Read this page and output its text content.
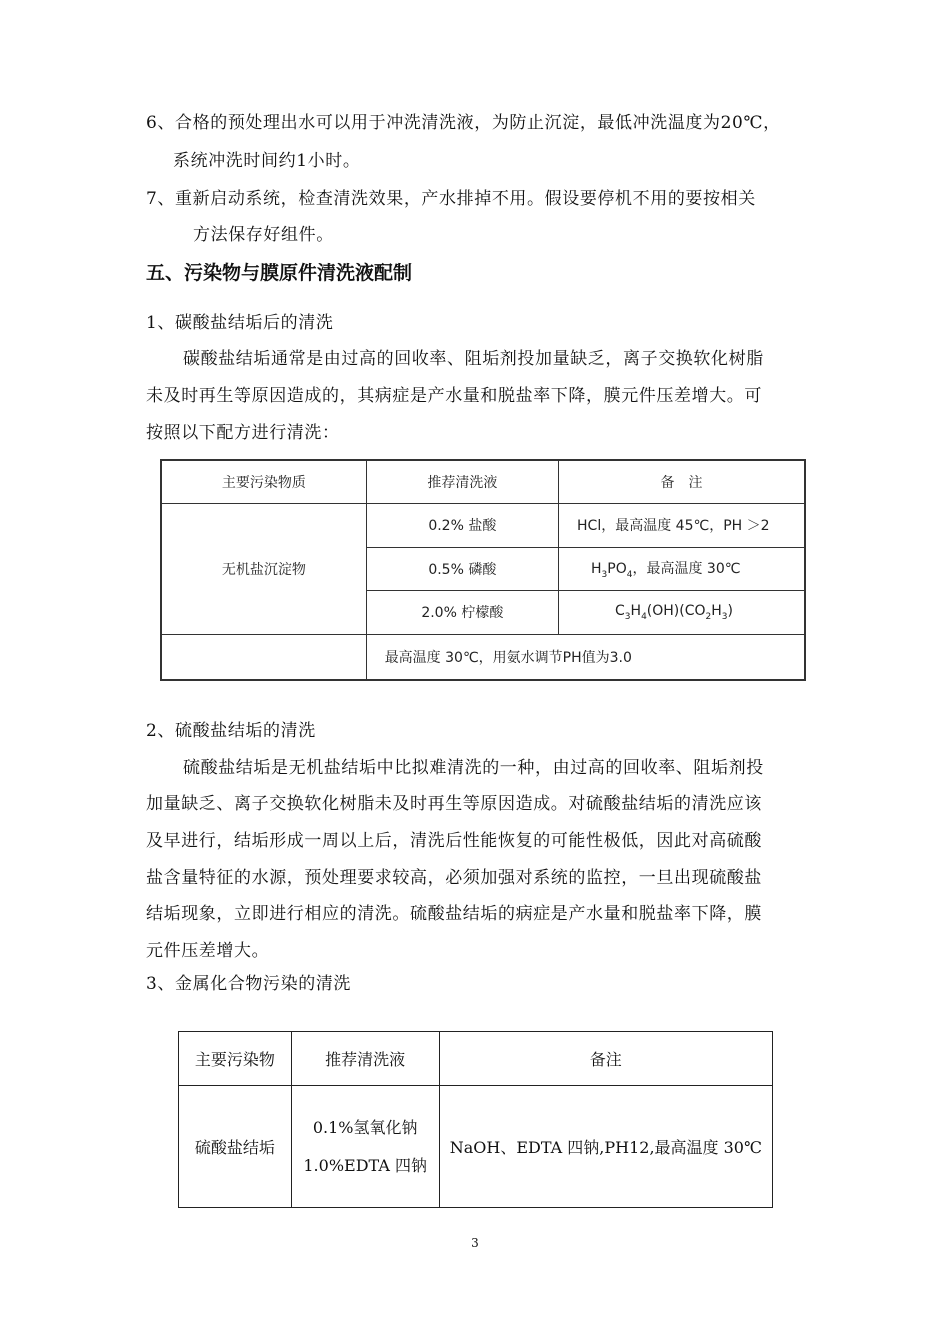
6、合格的预处理出水可以用于冲洗清洗液，为防止沉淀，最低冲洗温度为20℃，
系统冲洗时间约1小时。
7、重新启动系统，检查清洗效果，产水排掉不用。假设要停机不用的要按相关
方法保存好组件。
五、污染物与膜原件清洗液配制
1、碳酸盐结垢后的清洗
碳酸盐结垢通常是由过高的回收率、阻垢剂投加量缺乏，离子交换软化树脂
未及时再生等原因造成的，其病症是产水量和脱盐率下降，膜元件压差增大。可
按照以下配方进行清洗：
主要污染物质	推荐清洗液	备　注
无机盐沉淀物	0.2% 盐酸	HCl，最高温度 45℃，PH ＞2
	0.5% 磷酸	$H_3PO_4$，最高温度 30℃
	2.0% 柠檬酸	$C_3H_4(OH)(CO_2H_3)$
	最高温度 30℃，用氨水调节PH值为3.0	
2、硫酸盐结垢的清洗
硫酸盐结垢是无机盐结垢中比拟难清洗的一种，由过高的回收率、阻垢剂投
加量缺乏、离子交换软化树脂未及时再生等原因造成。对硫酸盐结垢的清洗应该
及早进行，结垢形成一周以上后，清洗后性能恢复的可能性极低，因此对高硫酸
盐含量特征的水源，预处理要求较高，必须加强对系统的监控，一旦出现硫酸盐
结垢现象，立即进行相应的清洗。硫酸盐结垢的病症是产水量和脱盐率下降，膜
元件压差增大。
3、金属化合物污染的清洗
主要污染物	推荐清洗液	备注
硫酸盐结垢	0.1%氢氧化钠
1.0%EDTA 四钠	NaOH、EDTA 四钠,PH12,最高温度 30℃
3
